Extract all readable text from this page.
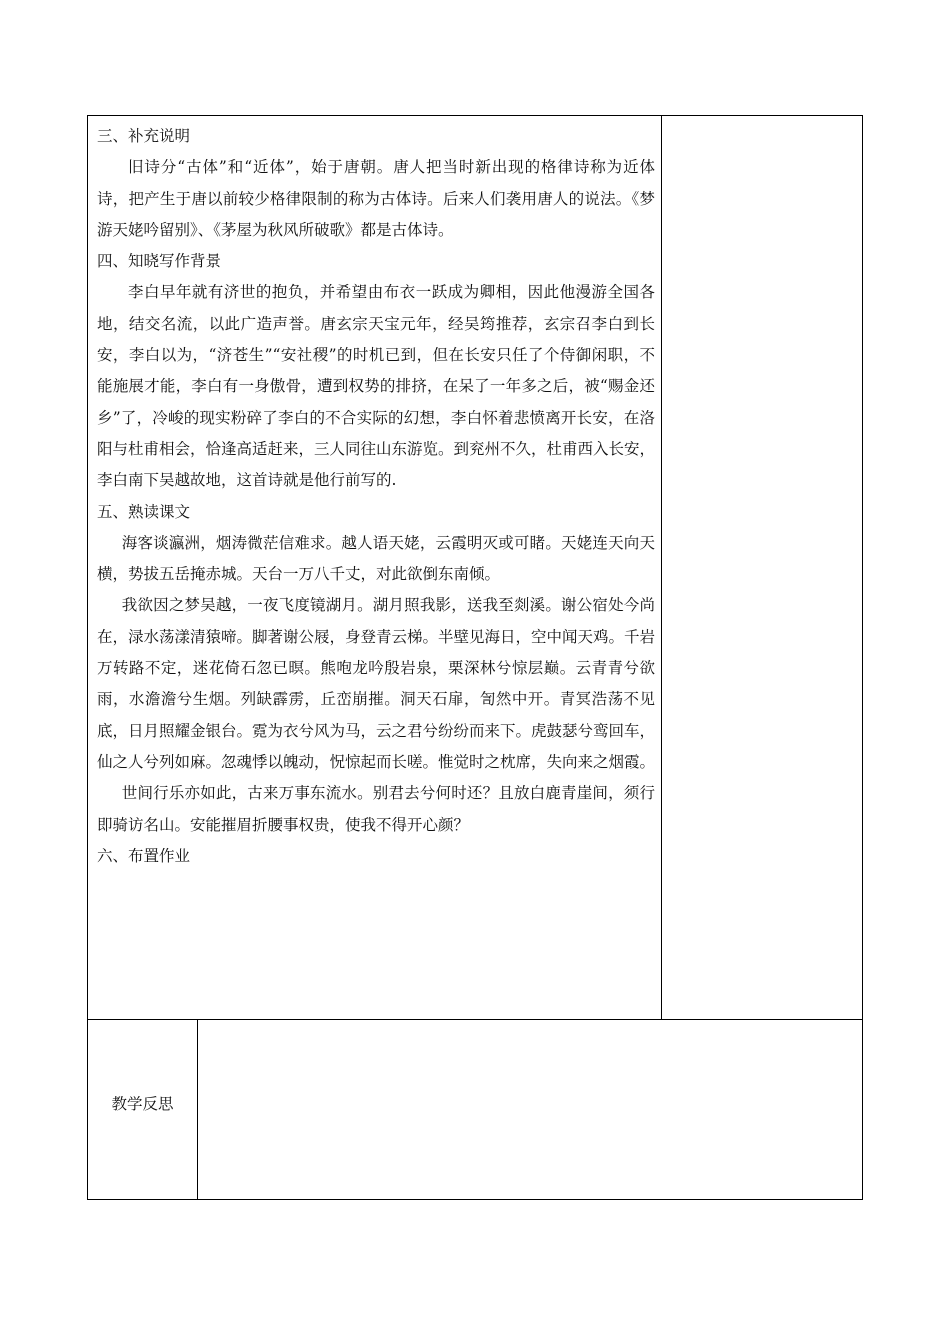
三、补充说明

旧诗分“古体”和“近体”，始于唐朝。唐人把当时新出现的格律诗称为近体诗，把产生于唐以前较少格律限制的称为古体诗。后来人们袭用唐人的说法。《梦游天姥吟留别》、《茅屋为秋风所破歌》都是古体诗。

四、知晓写作背景

李白早年就有济世的抱负，并希望由布衣一跃成为卿相，因此他漫游全国各地，结交名流，以此广造声誉。唐玄宗天宝元年，经吴筠推荐，玄宗召李白到长安，李白以为，“济苍生”“安社稷”的时机已到，但在长安只任了个侍御闲职，不能施展才能，李白有一身傲骨，遭到权势的排挤，在呆了一年多之后，被“赐金还乡”了，冷峻的现实粉碎了李白的不合实际的幻想，李白怀着悲愤离开长安，在洛阳与杜甫相会，恰逢高适赶来，三人同往山东游览。到兖州不久，杜甫西入长安，李白南下吴越故地，这首诗就是他行前写的.

五、熟读课文

海客谈瀛洲，烟涛微茫信难求。越人语天姥，云霞明灭或可睹。天姥连天向天横，势拔五岳掩赤城。天台一万八千丈，对此欲倒东南倾。

我欲因之梦吴越，一夜飞度镜湖月。湖月照我影，送我至剡溪。谢公宿处今尚在，渌水荡漾清猿啼。脚著谢公屐，身登青云梯。半壁见海日，空中闻天鸡。千岩万转路不定，迷花倚石忽已暝。熊咆龙吟殷岩泉，栗深林兮惊层巅。云青青兮欲雨，水澹澹兮生烟。列缺霹雳，丘峦崩摧。洞天石扉，訇然中开。青冥浩荡不见底，日月照耀金银台。霓为衣兮风为马，云之君兮纷纷而来下。虎鼓瑟兮鸾回车，仙之人兮列如麻。忽魂悸以魄动，怳惊起而长嗟。惟觉时之枕席，失向来之烟霞。

世间行乐亦如此，古来万事东流水。别君去兮何时还？且放白鹿青崖间，须行即骑访名山。安能摧眉折腰事权贵，使我不得开心颜？

六、布置作业

教学反思
